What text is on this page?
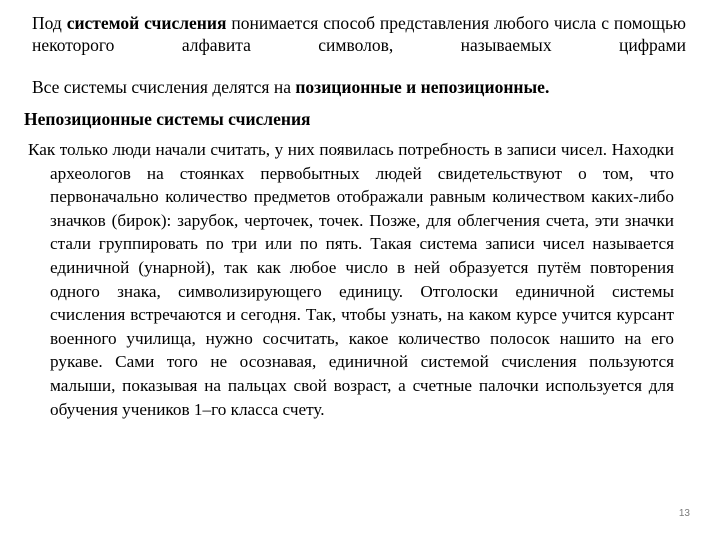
Под системой счисления понимается способ представления любого числа с помощью некоторого алфавита символов, называемых цифрами

Все системы счисления делятся на позиционные и непозиционные.

Непозиционные системы счисления

Как только люди начали считать, у них появилась потребность в записи чисел. Находки археологов на стоянках первобытных людей свидетельствуют о том, что первоначально количество предметов отображали равным количеством каких-либо значков (бирок): зарубок, черточек, точек. Позже, для облегчения счета, эти значки стали группировать по три или по пять. Такая система записи чисел называется единичной (унарной), так как любое число в ней образуется путём повторения одного знака, символизирующего единицу. Отголоски единичной системы счисления встречаются и сегодня. Так, чтобы узнать, на каком курсе учится курсант военного училища, нужно сосчитать, какое количество полосок нашито на его рукаве. Сами того не осознавая, единичной системой счисления пользуются малыши, показывая на пальцах свой возраст, а счетные палочки используется для обучения учеников 1–го класса счету.

13
